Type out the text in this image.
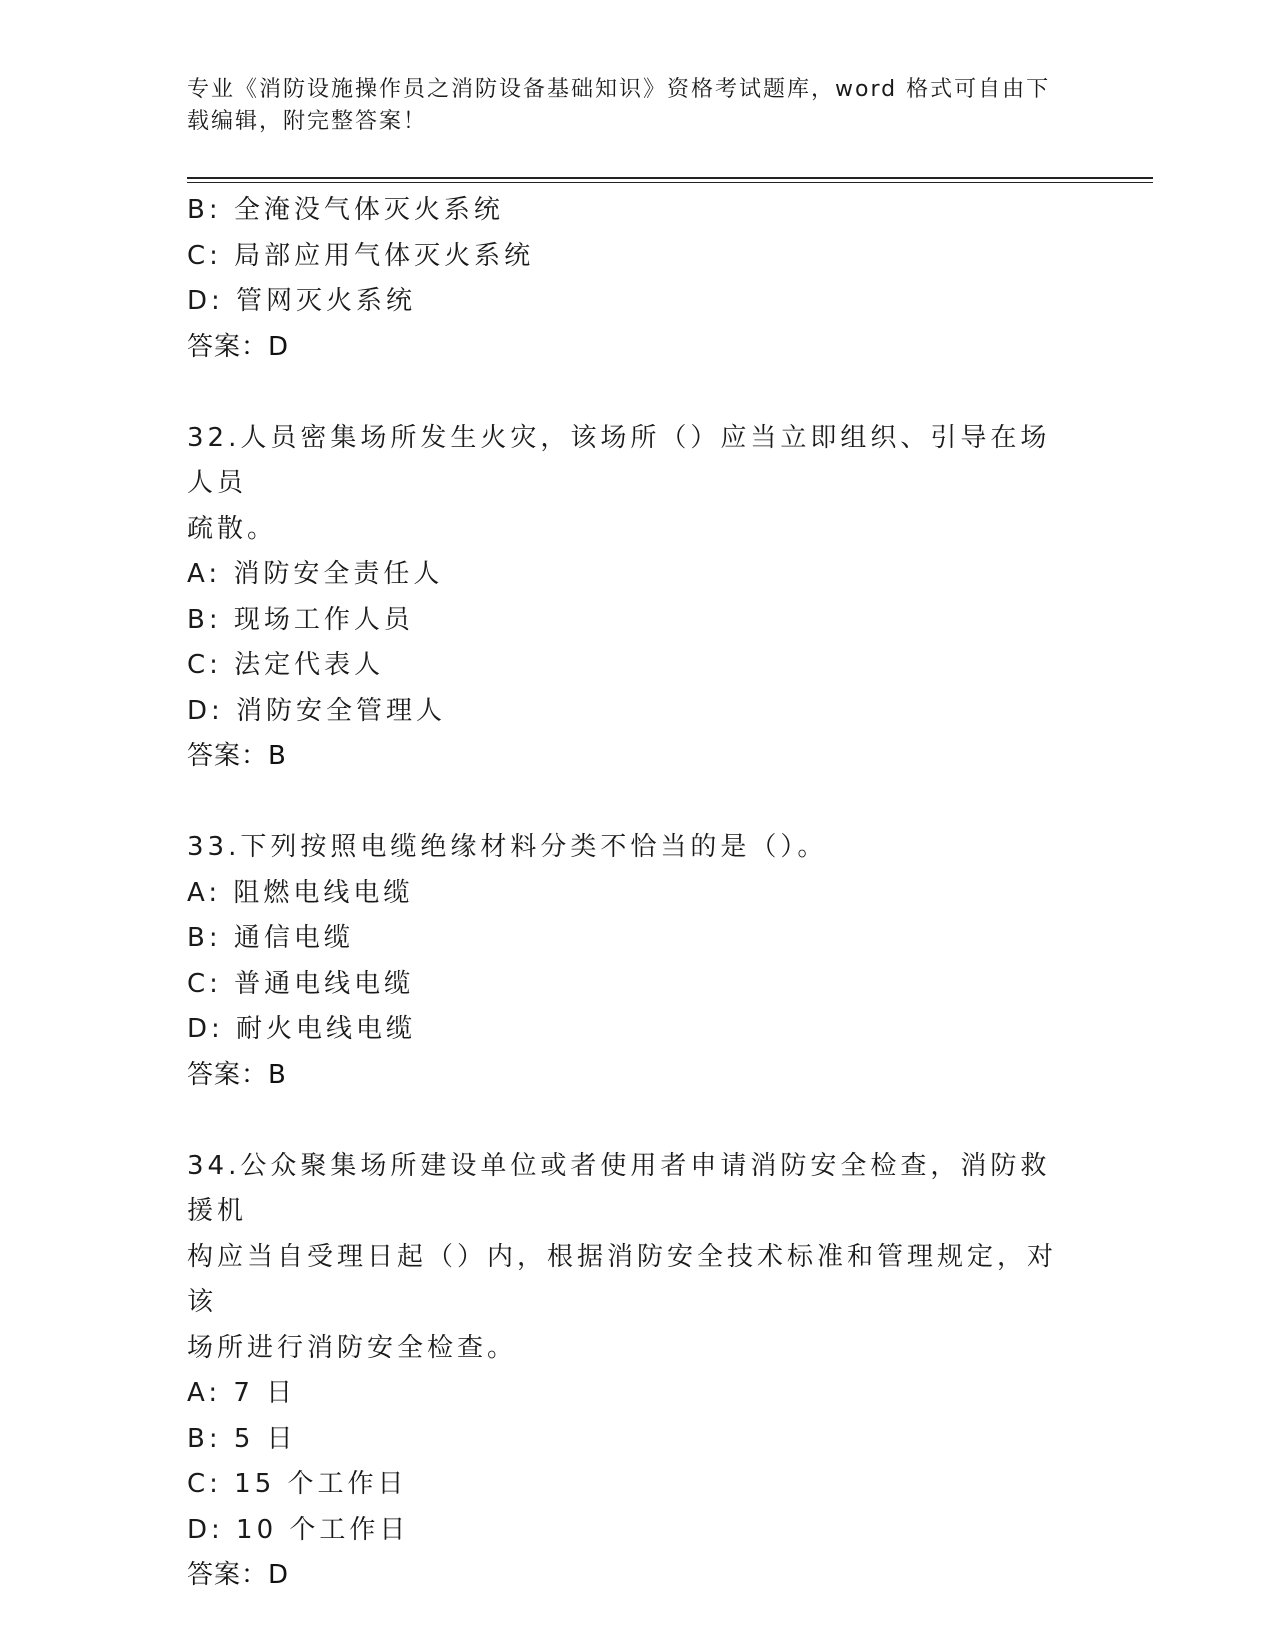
专业《消防设施操作员之消防设备基础知识》资格考试题库，word 格式可自由下
载编辑，附完整答案！
B: 全淹没气体灭火系统
C: 局部应用气体灭火系统
D: 管网灭火系统
答案：D
32.人员密集场所发生火灾，该场所（）应当立即组织、引导在场人员
疏散。
A: 消防安全责任人
B: 现场工作人员
C: 法定代表人
D: 消防安全管理人
答案：B
33.下列按照电缆绝缘材料分类不恰当的是（）。
A: 阻燃电线电缆
B: 通信电缆
C: 普通电线电缆
D: 耐火电线电缆
答案：B
34.公众聚集场所建设单位或者使用者申请消防安全检查，消防救援机
构应当自受理日起（）内，根据消防安全技术标准和管理规定，对该
场所进行消防安全检查。
A: 7 日
B: 5 日
C: 15 个工作日
D: 10 个工作日
答案：D
